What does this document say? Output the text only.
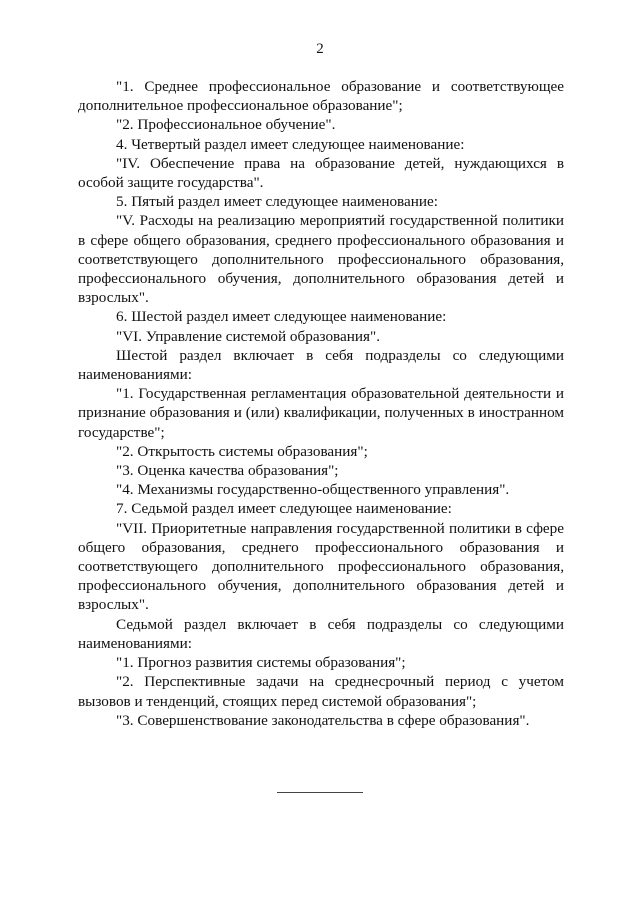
2

"1. Среднее профессиональное образование и соответствующее дополнительное профессиональное образование";

"2. Профессиональное обучение".

4. Четвертый раздел имеет следующее наименование:

"IV. Обеспечение права на образование детей, нуждающихся в особой защите государства".

5. Пятый раздел имеет следующее наименование:

"V. Расходы на реализацию мероприятий государственной политики в сфере общего образования, среднего профессионального образования и соответствующего дополнительного профессионального образования, профессионального обучения, дополнительного образования детей и взрослых".

6. Шестой раздел имеет следующее наименование:

"VI. Управление системой образования".

Шестой раздел включает в себя подразделы со следующими наименованиями:

"1. Государственная регламентация образовательной деятельности и признание образования и (или) квалификации, полученных в иностранном государстве";

"2. Открытость системы образования";

"3. Оценка качества образования";

"4. Механизмы государственно-общественного управления".

7. Седьмой раздел имеет следующее наименование:

"VII. Приоритетные направления государственной политики в сфере общего образования, среднего профессионального образования и соответствующего дополнительного профессионального образования, профессионального обучения, дополнительного образования детей и взрослых".

Седьмой раздел включает в себя подразделы со следующими наименованиями:

"1. Прогноз развития системы образования";

"2. Перспективные задачи на среднесрочный период с учетом вызовов и тенденций, стоящих перед системой образования";

"3. Совершенствование законодательства в сфере образования".
